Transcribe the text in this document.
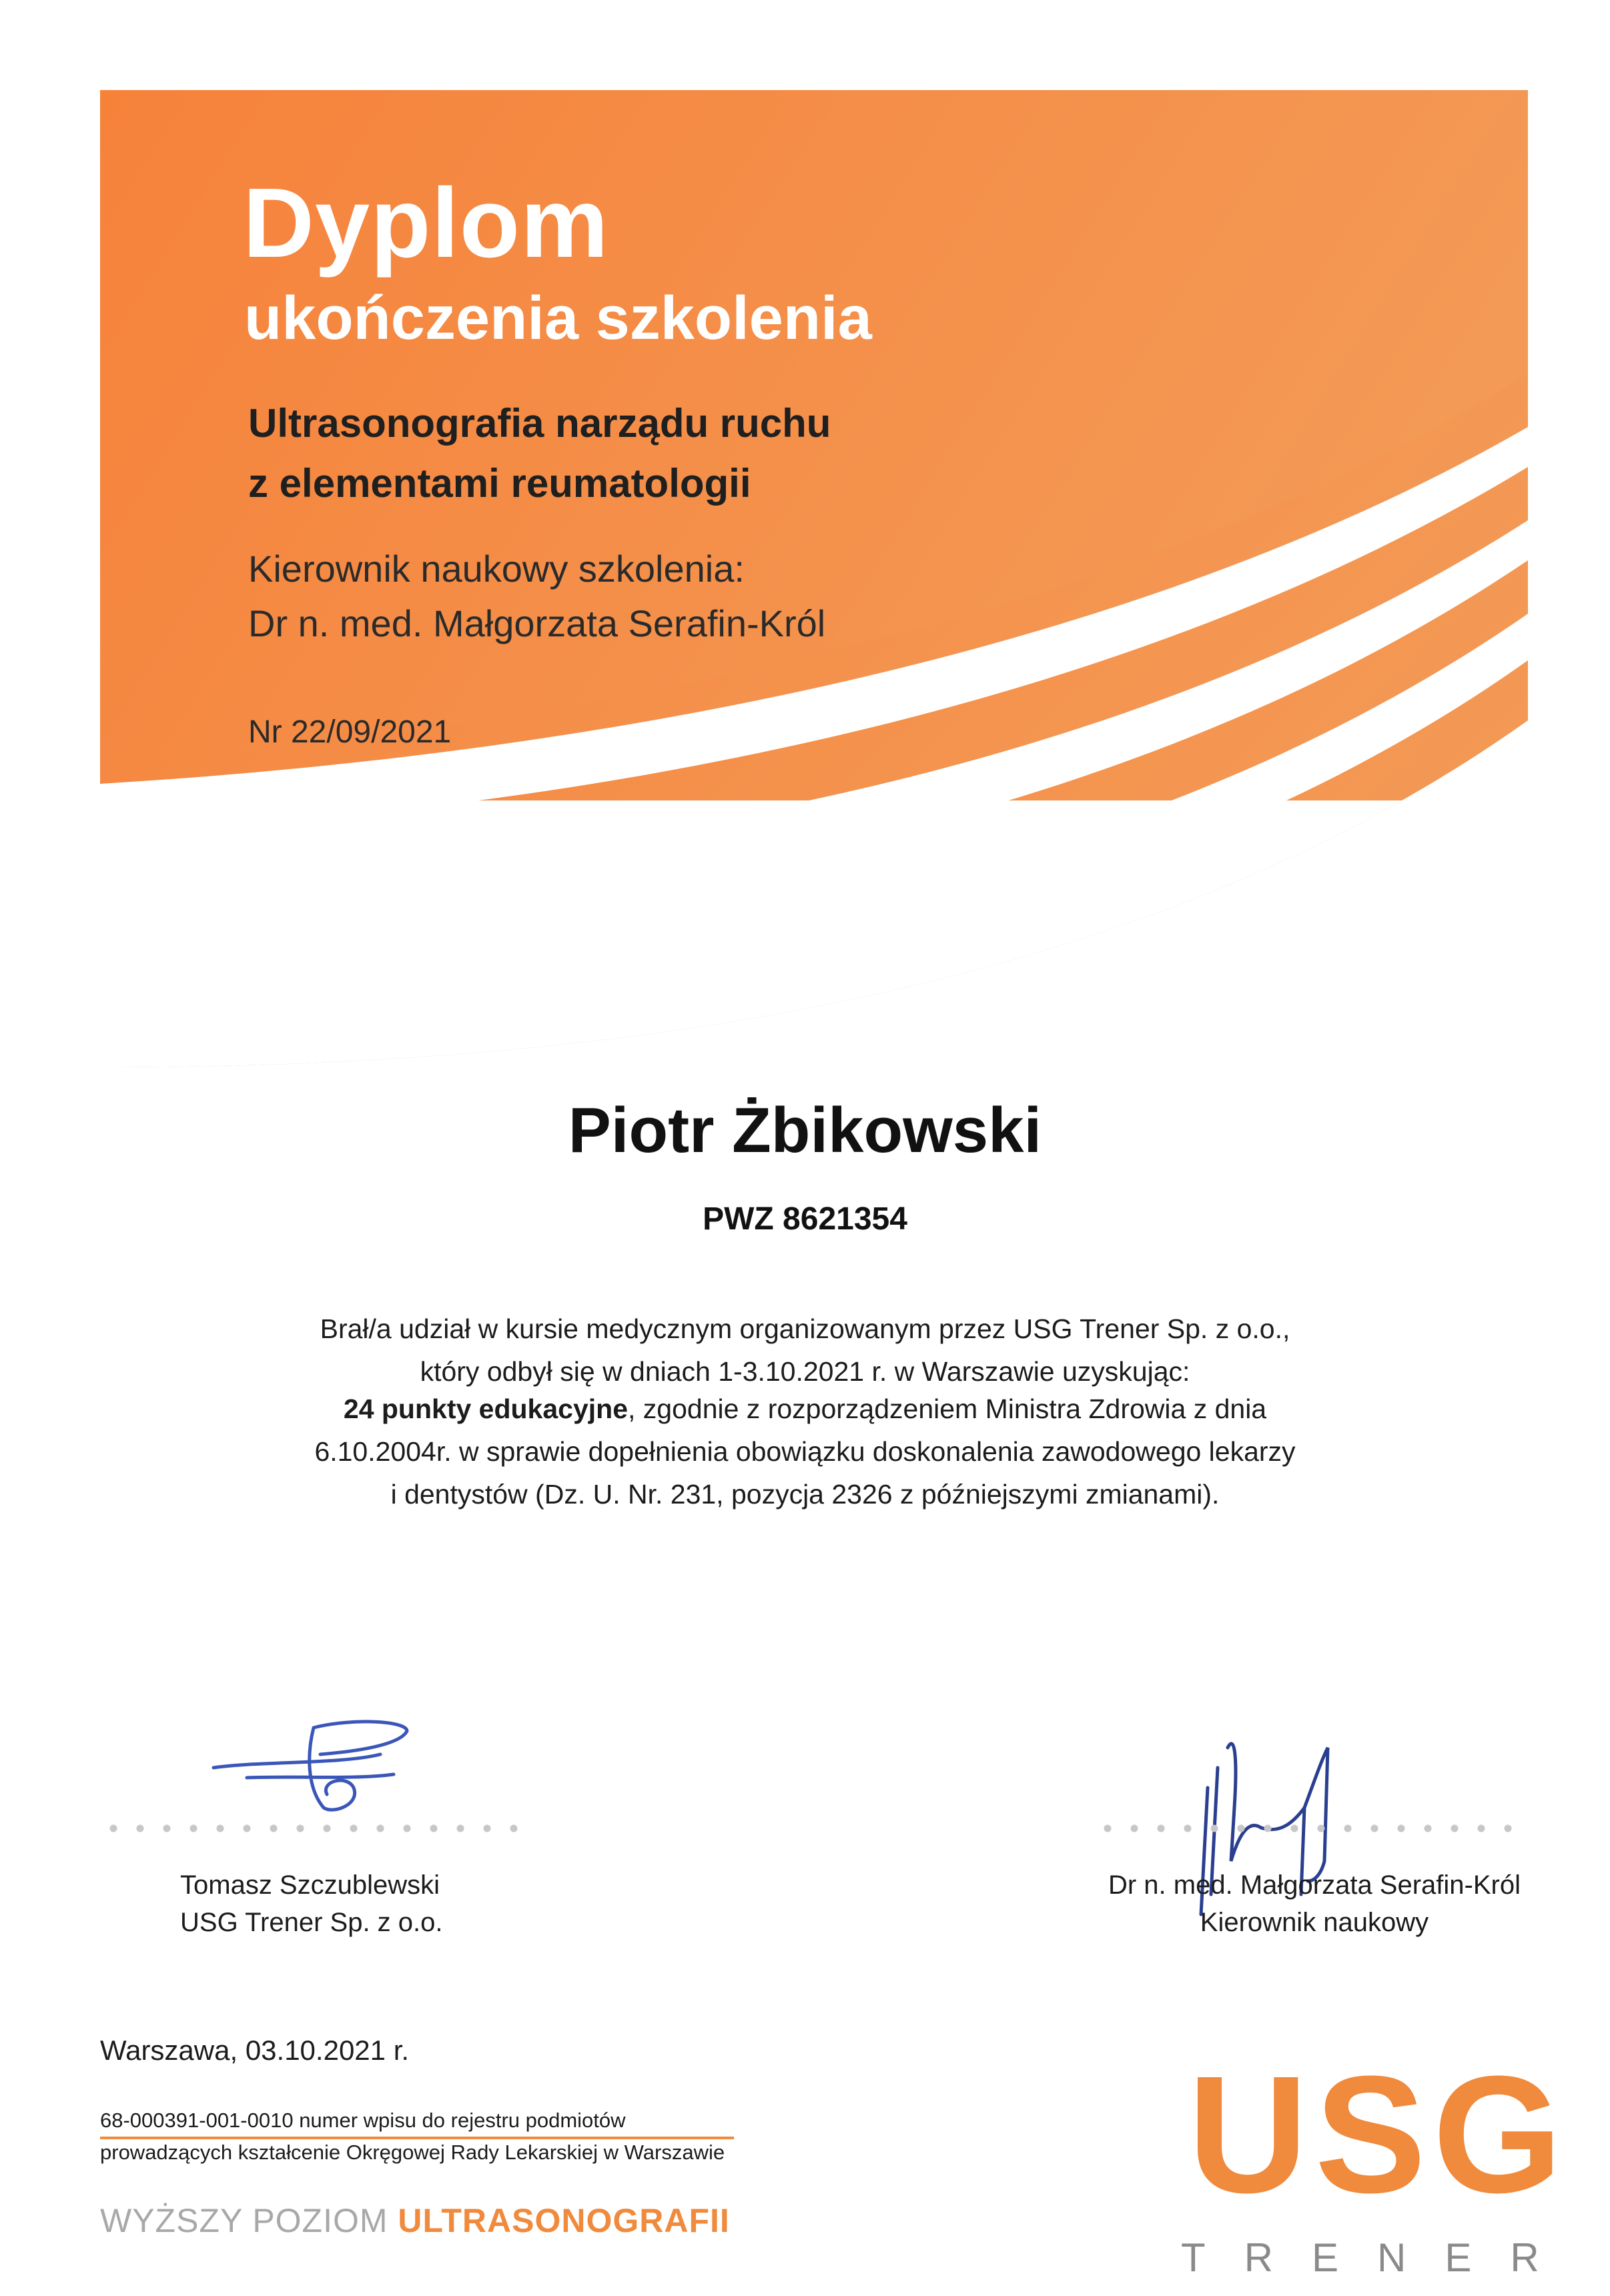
Dyplom
ukończenia szkolenia
Ultrasonografia narządu ruchu
z elementami reumatologii
Kierownik naukowy szkolenia:
Dr n. med. Małgorzata Serafin-Król
Nr 22/09/2021
Piotr Żbikowski
PWZ 8621354
Brał/a udział w kursie medycznym organizowanym przez USG Trener Sp. z o.o.,
który odbył się w dniach 1-3.10.2021 r. w Warszawie uzyskując:
24 punkty edukacyjne, zgodnie z rozporządzeniem Ministra Zdrowia z dnia
6.10.2004r. w sprawie dopełnienia obowiązku doskonalenia zawodowego lekarzy
i dentystów (Dz. U. Nr. 231, pozycja 2326 z późniejszymi zmianami).
Tomasz Szczublewski
USG Trener Sp. z o.o.
Dr n. med. Małgorzata Serafin-Król
Kierownik naukowy
Warszawa, 03.10.2021 r.
68-000391-001-0010 numer wpisu do rejestru podmiotów
prowadzących kształcenie Okręgowej Rady Lekarskiej w Warszawie
WYŻSZY POZIOM ULTRASONOGRAFII	USG
TRENER
